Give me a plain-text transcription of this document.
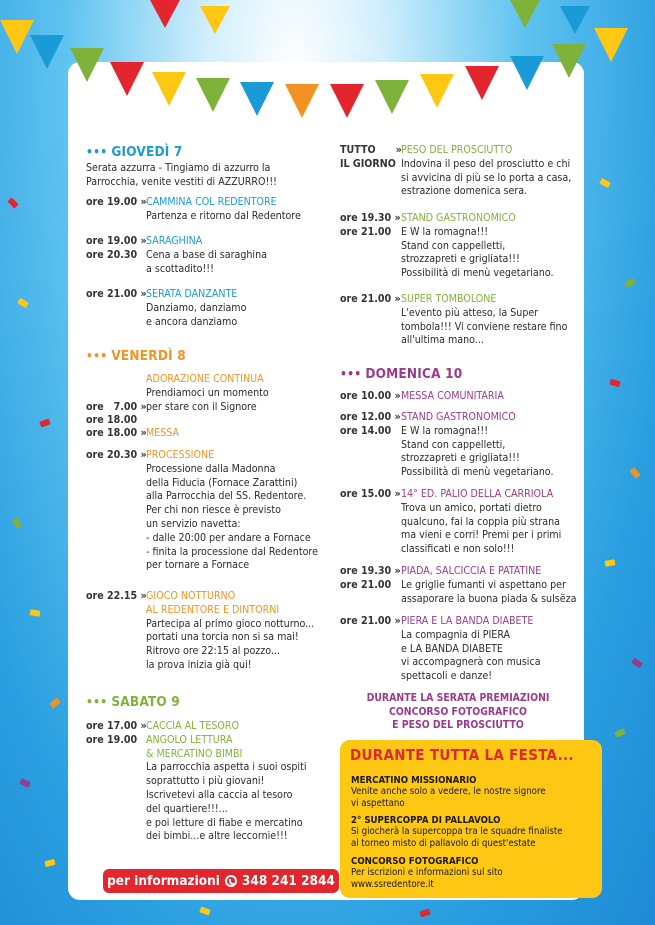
••• GIOVEDÌ 7
Serata azzurra - Tingiamo di azzurro la
Parrocchia, venite vestiti di AZZURRO!!!
ore 19.00 » CAMMINA COL REDENTORE
Partenza e ritorno dal Redentore
ore 19.00 »
ore 20.30
SARAGHINA
Cena a base di saraghina
a scottadito!!!
ore 21.00 » SERATA DANZANTE
Danziamo, danziamo
e ancora danziamo
••• VENERDÌ 8

ore   7.00 »
ore 18.00

ADORAZIONE CONTINUA
Prendiamoci un momento
per stare con il Signore
ore 18.00 » MESSA
ore 20.30 » PROCESSIONE
Processione dalla Madonna
della Fiducia (Fornace Zarattini)
alla Parrocchia del SS. Redentore.
Per chi non riesce è previsto
un servizio navetta:
- dalle 20:00 per andare a Fornace
- finita la processione dal Redentore
per tornare a Fornace
ore 22.15 » GIOCO NOTTURNO
AL REDENTORE E DINTORNI
Partecipa al primo gioco notturno...
portati una torcia non si sa mai!
Ritrovo ore 22:15 al pozzo...
la prova inizia già qui!
••• SABATO 9
ore 17.00 »
ore 19.00
CACCIA AL TESORO
ANGOLO LETTURA
& MERCATINO BIMBI
La parrocchia aspetta i suoi ospiti
soprattutto i più giovani!
Iscrivetevi alla caccia al tesoro
del quartiere!!!...
e poi letture di fiabe e mercatino
dei bimbi...e altre leccornie!!!
TUTTO »
IL GIORNO
PESO DEL PROSCIUTTO
Indovina il peso del prosciutto e chi
si avvicina di più se lo porta a casa,
estrazione domenica sera.
ore 19.30 »
ore 21.00
STAND GASTRONOMICO
E W la romagna!!!
Stand con cappelletti,
strozzapreti e grigliata!!!
Possibilità di menù vegetariano.
ore 21.00 » SUPER TOMBOLONE
L'evento più atteso, la Super
tombola!!! Vi conviene restare fino
all'ultima mano...
••• DOMENICA 10
ore 10.00 » MESSA COMUNITARIA
ore 12.00 »
ore 14.00
STAND GASTRONOMICO
E W la romagna!!!
Stand con cappelletti,
strozzapreti e grigliata!!!
Possibilità di menù vegetariano.
ore 15.00 » 14° ED. PALIO DELLA CARRIOLA
Trova un amico, portati dietro
qualcuno, fai la coppia più strana
ma vieni e corri! Premi per i primi
classificati e non solo!!!
ore 19.30 »
ore 21.00
PIADA, SALCICCIA E PATATINE
Le griglie fumanti vi aspettano per
assaporare la buona piada & sulsëza
ore 21.00 » PIERA E LA BANDA DIABETE
La compagnia di PIERA
e LA BANDA DIABETE
vi accompagnerà con musica
spettacoli e danze!
DURANTE LA SERATA PREMIAZIONI
CONCORSO FOTOGRAFICO
E PESO DEL PROSCIUTTO
DURANTE TUTTA LA FESTA...
MERCATINO MISSIONARIO
Venite anche solo a vedere, le nostre signore
vi aspettano
2° SUPERCOPPA DI PALLAVOLO
Si giocherà la supercoppa tra le squadre finaliste
al torneo misto di pallavolo di quest'estate
CONCORSO FOTOGRAFICO
Per iscrizioni e informazioni sul sito
www.ssredentore.it
per informazioni 348 241 2844
